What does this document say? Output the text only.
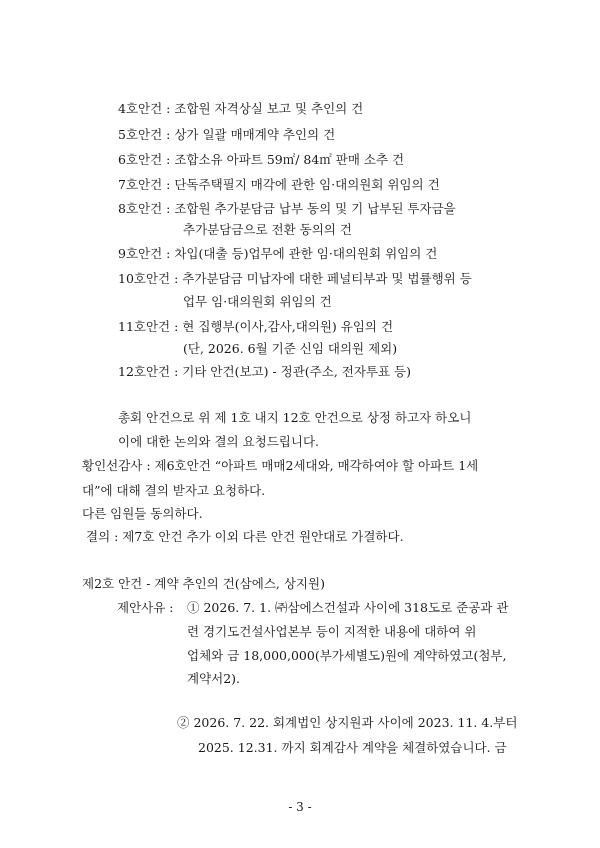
4호안건 : 조합원 자격상실 보고 및 추인의 건
5호안건 : 상가 일괄 매매계약 추인의 건
6호안건 : 조합소유 아파트 59㎡/ 84㎡ 판매 소추 건
7호안건 : 단독주택필지 매각에 관한 임·대의원회 위임의 건
8호안건 : 조합원 추가분담금 납부 동의 및 기 납부된 투자금을
추가분담금으로 전환 동의의 건
9호안건 : 차입(대출 등)업무에 관한 임·대의원회 위임의 건
10호안건 : 추가분담금 미납자에 대한 페널티부과 및 법률행위 등
업무 임·대의원회 위임의 건
11호안건 : 현 집행부(이사,감사,대의원) 유임의 건
(단, 2026. 6월 기준 신임 대의원 제외)
12호안건 : 기타 안건(보고) - 정관(주소, 전자투표 등)
총회 안건으로 위 제 1호 내지 12호 안건으로 상정 하고자 하오니
이에 대한 논의와 결의 요청드립니다.
황인선감사 : 제6호안건 “아파트 매매2세대와, 매각하여야 할 아파트 1세
대”에 대해 결의 받자고 요청하다.
다른 임원들 동의하다.
결의 : 제7호 안건 추가 이외 다른 안건 원안대로 가결하다.
제2호 안건 - 계약 추인의 건(삼에스, 상지원)
제안사유 : ① 2026. 7. 1. ㈜삼에스건설과 사이에 318도로 준공과 관
련 경기도건설사업본부 등이 지적한 내용에 대하여 위
업체와 금 18,000,000(부가세별도)원에 계약하였고(첨부,
계약서2).
② 2026. 7. 22. 회계법인 상지원과 사이에 2023. 11. 4.부터
2025. 12.31. 까지 회계감사 계약을 체결하였습니다. 금
- 3 -
